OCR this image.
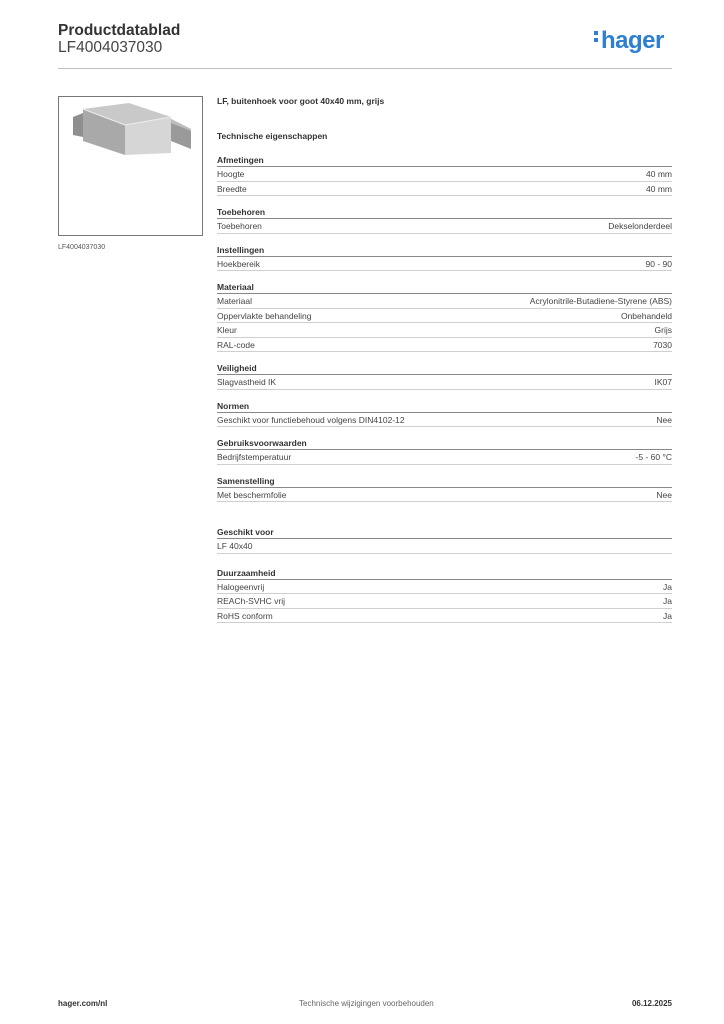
Productdatablad
LF4004037030	hager
LF4004037030
LF, buitenhoek voor goot 40x40 mm, grijs
Technische eigenschappen
Afmetingen
Hoogte	40 mm
Breedte	40 mm
Toebehoren
Toebehoren	Dekselonderdeel
Instellingen
Hoekbereik	90 - 90
Materiaal
Materiaal	Acrylonitrile-Butadiene-Styrene (ABS)
Oppervlakte behandeling	Onbehandeld
Kleur	Grijs
RAL-code	7030
Veiligheid
Slagvastheid IK	IK07
Normen
Geschikt voor functiebehoud volgens DIN4102-12	Nee
Gebruiksvoorwaarden
Bedrijfstemperatuur	-5 - 60 °C
Samenstelling
Met beschermfolie	Nee
Geschikt voor
LF 40x40
Duurzaamheid
Halogeenvrij	Ja
REACh-SVHC vrij	Ja
RoHS conform	Ja
hager.com/nl	Technische wijzigingen voorbehouden	06.12.2025
